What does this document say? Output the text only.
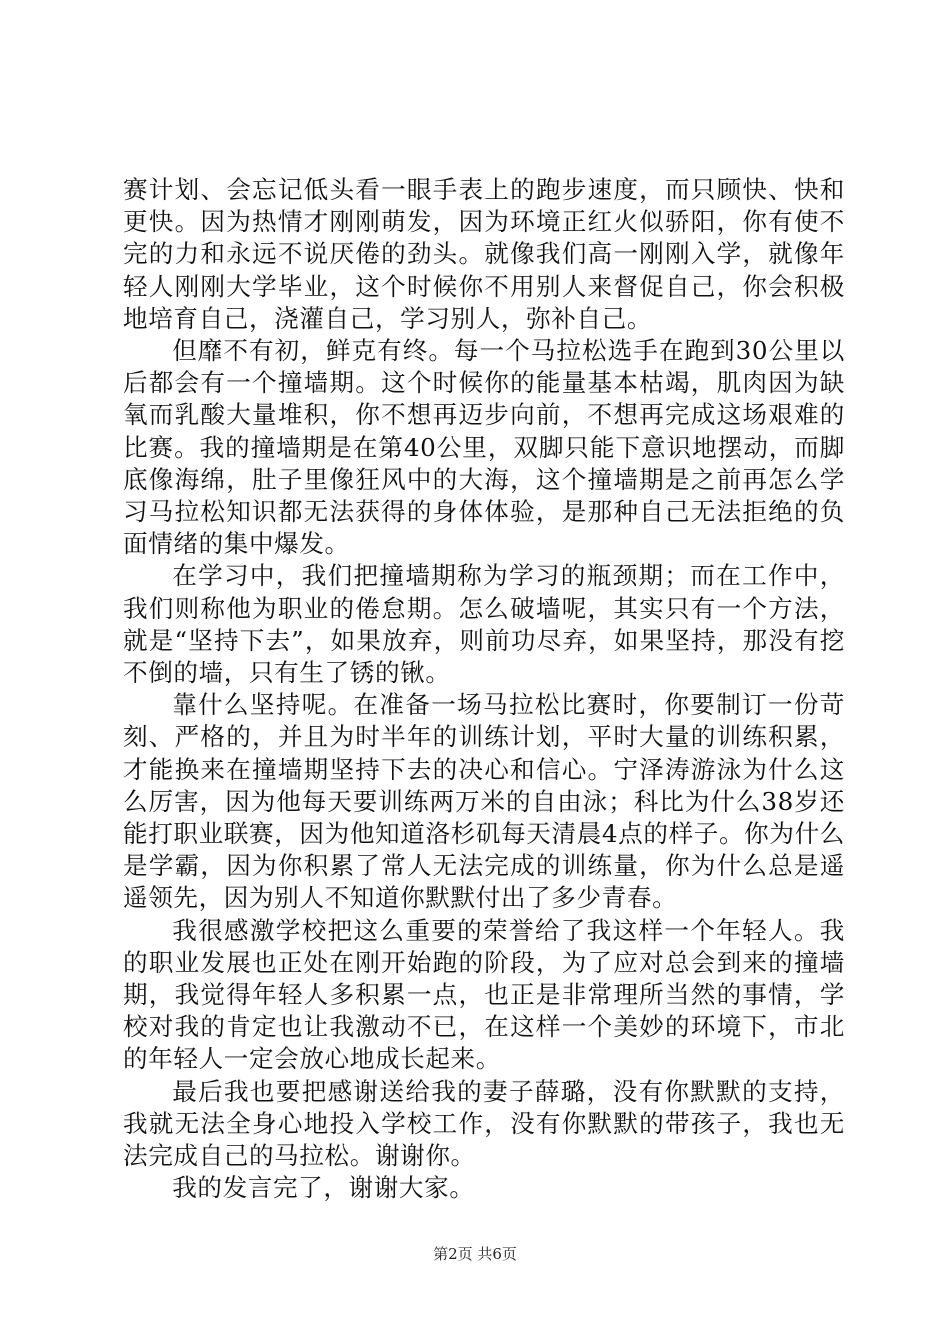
赛计划、会忘记低头看一眼手表上的跑步速度，而只顾快、快和更快。因为热情才刚刚萌发，因为环境正红火似骄阳，你有使不完的力和永远不说厌倦的劲头。就像我们高一刚刚入学，就像年轻人刚刚大学毕业，这个时候你不用别人来督促自己，你会积极地培育自己，浇灌自己，学习别人，弥补自己。

但靡不有初，鲜克有终。每一个马拉松选手在跑到30公里以后都会有一个撞墙期。这个时候你的能量基本枯竭，肌肉因为缺氧而乳酸大量堆积，你不想再迈步向前，不想再完成这场艰难的比赛。我的撞墙期是在第40公里，双脚只能下意识地摆动，而脚底像海绵，肚子里像狂风中的大海，这个撞墙期是之前再怎么学习马拉松知识都无法获得的身体体验，是那种自己无法拒绝的负面情绪的集中爆发。

在学习中，我们把撞墙期称为学习的瓶颈期；而在工作中，我们则称他为职业的倦怠期。怎么破墙呢，其实只有一个方法，就是“坚持下去”，如果放弃，则前功尽弃，如果坚持，那没有挖不倒的墙，只有生了锈的锹。

靠什么坚持呢。在准备一场马拉松比赛时，你要制订一份苛刻、严格的，并且为时半年的训练计划，平时大量的训练积累，才能换来在撞墙期坚持下去的决心和信心。宁泽涛游泳为什么这么厉害，因为他每天要训练两万米的自由泳；科比为什么38岁还能打职业联赛，因为他知道洛杉矶每天清晨4点的样子。你为什么是学霸，因为你积累了常人无法完成的训练量，你为什么总是遥遥领先，因为别人不知道你默默付出了多少青春。

我很感激学校把这么重要的荣誉给了我这样一个年轻人。我的职业发展也正处在刚开始跑的阶段，为了应对总会到来的撞墙期，我觉得年轻人多积累一点，也正是非常理所当然的事情，学校对我的肯定也让我激动不已，在这样一个美妙的环境下，市北的年轻人一定会放心地成长起来。

最后我也要把感谢送给我的妻子薛璐，没有你默默的支持，我就无法全身心地投入学校工作，没有你默默的带孩子，我也无法完成自己的马拉松。谢谢你。

我的发言完了，谢谢大家。

第2页 共6页
